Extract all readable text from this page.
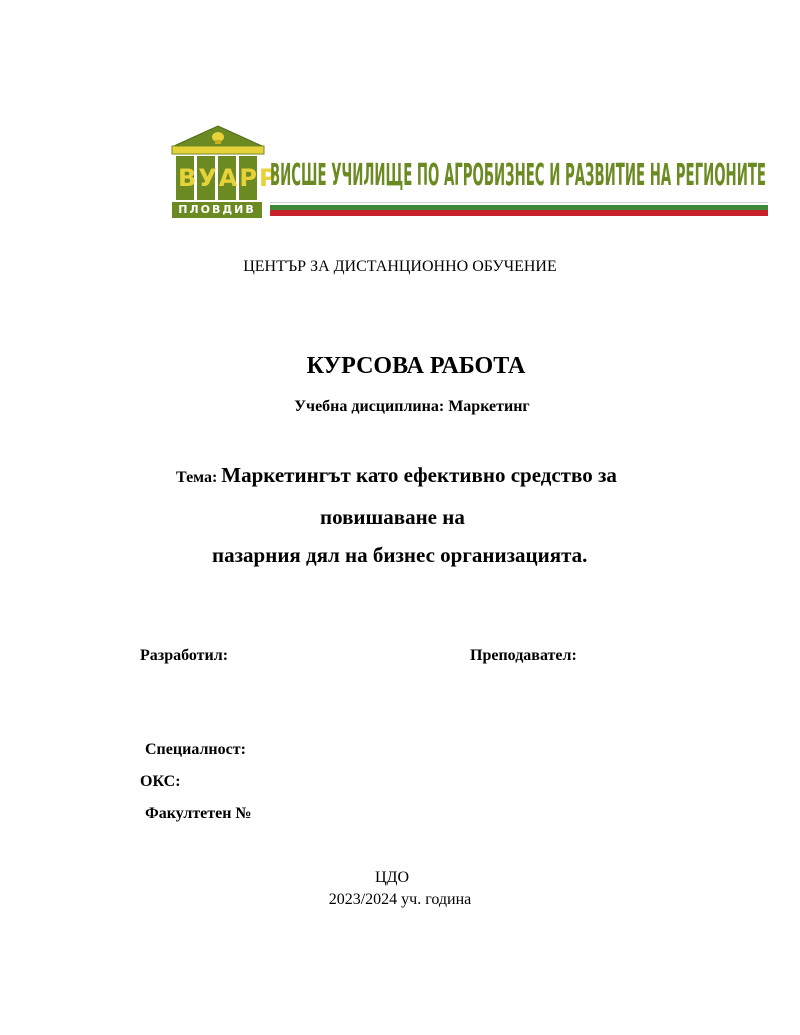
ВУАРР
ПЛОВДИВ
ВИСШЕ УЧИЛИЩЕ ПО АГРОБИЗНЕС И РАЗВИТИЕ НА РЕГИОНИТЕ
ЦЕНТЪР ЗА ДИСТАНЦИОННО ОБУЧЕНИЕ
КУРСОВА РАБОТА
Учебна дисциплина: Маркетинг
Тема: Маркетингът като ефективно средство за
повишаване на
пазарния дял на бизнес организацията.
Разработил:	Преподавател:
Специалност:
ОКС:
Факултетен №
ЦДО
2023/2024 уч. година
